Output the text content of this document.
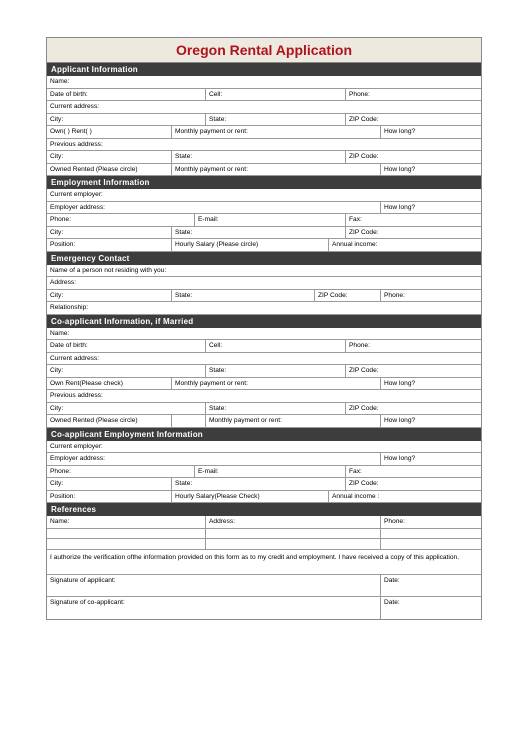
Oregon Rental Application
Applicant Information
Name:
Date of birth:	Cell:	Phone:
Current address:
City:	State:	ZIP Code:
Own( ) Rent( )	Monthly payment or rent:	How long?
Previous address:
City:	State:	ZIP Code:
Owned Rented (Please circle)	Monthly payment or rent:	How long?
Employment Information
Current employer:
Employer address:	How long?
Phone:	E-mail:	Fax:
City:	State:	ZIP Code:
Position:	Hourly Salary (Please circle)	Annual income:
Emergency Contact
Name of a person not residing with you:
Address:
City:	State:	ZIP Code:	Phone:
Relationship:
Co-applicant Information, if Married
Name:
Date of birth:	Cell:	Phone:
Current address:
City:	State:	ZIP Code:
Own Rent(Please check)	Monthly payment or rent:	How long?
Previous address:
City:	State:	ZIP Code:
Owned Rented (Please circle)	Monthly payment or rent:	How long?
Co-applicant Employment Information
Current employer:
Employer address:	How long?
Phone:	E-mail:	Fax:
City:	State:	ZIP Code:
Position:	Hourly Salary(Please Check)	Annual income :
References
Name:	Address:	Phone:
I authorize the verification ofthe information provided on this form as to my credit and employment. I have received a copy of this application.
Signature of applicant:	Date:
Signature of co-applicant:	Date:
